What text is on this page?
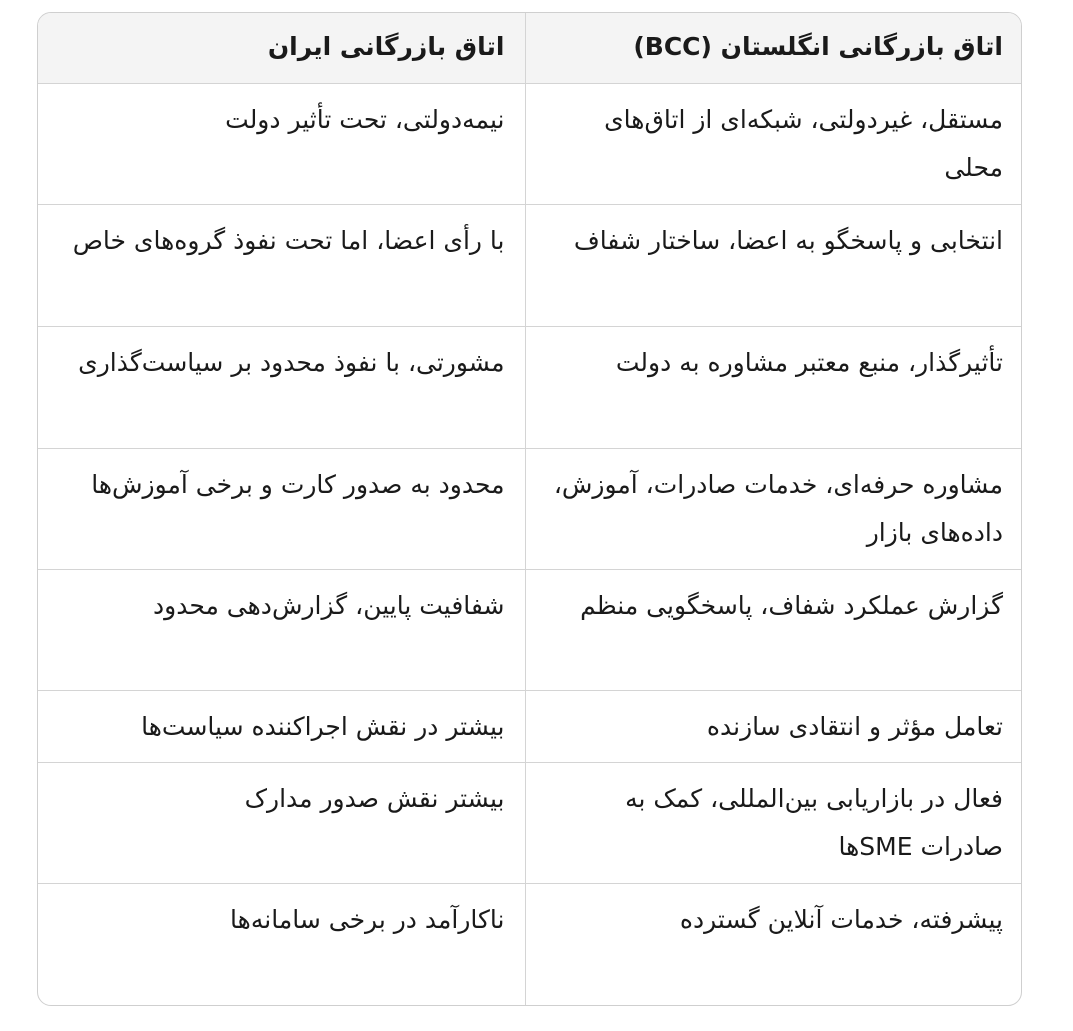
اتاق بازرگانی انگلستان (BCC)	اتاق بازرگانی ایران
مستقل، غیردولتی، شبکه‌ای از اتاق‌های محلی	نیمه‌دولتی، تحت تأثیر دولت
انتخابی و پاسخگو به اعضا، ساختار شفاف	با رأی اعضا، اما تحت نفوذ گروه‌های خاص
تأثیرگذار، منبع معتبر مشاوره به دولت	مشورتی، با نفوذ محدود بر سیاست‌گذاری
مشاوره حرفه‌ای، خدمات صادرات، آموزش، داده‌های بازار	محدود به صدور کارت و برخی آموزش‌ها
گزارش عملکرد شفاف، پاسخگویی منظم	شفافیت پایین، گزارش‌دهی محدود
تعامل مؤثر و انتقادی سازنده	بیشتر در نقش اجراکننده سیاست‌ها
فعال در بازاریابی بین‌المللی، کمک به صادرات SMEها	بیشتر نقش صدور مدارک
پیشرفته، خدمات آنلاین گسترده	ناکارآمد در برخی سامانه‌ها
